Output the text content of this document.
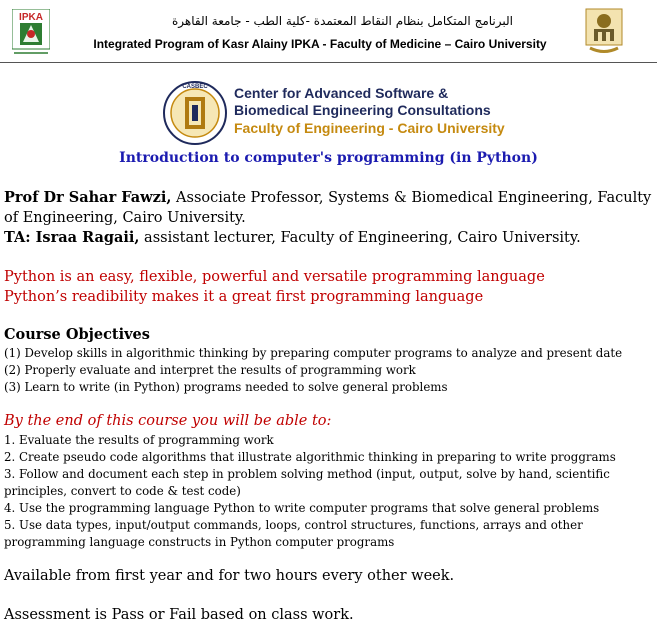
IPKA	البرنامج المتكامل بنظام النقاط المعتمدة -كلية الطب - جامعة القاهرة
Integrated Program of Kasr Alainy IPKA - Faculty of Medicine – Cairo University
CASBEC Center for Advanced Software &
Biomedical Engineering Consultations
Faculty of Engineering - Cairo University
Introduction to computer's programming (in Python)
Prof Dr Sahar Fawzi, Associate Professor, Systems & Biomedical Engineering, Faculty of Engineering, Cairo University.
TA: Israa Ragaii, assistant lecturer, Faculty of Engineering, Cairo University.
Python is an easy, flexible, powerful and versatile programming language
Python’s readibility makes it a great first programming language
Course Objectives
(1) Develop skills in algorithmic thinking by preparing computer programs to analyze and present date
(2) Properly evaluate and interpret the results of programming work
(3) Learn to write (in Python) programs needed to solve general problems
By the end of this course you will be able to:
1. Evaluate the results of programming work
2. Create pseudo code algorithms that illustrate algorithmic thinking in preparing to write proggrams
3. Follow and document each step in problem solving method (input, output, solve by hand, scientific
principles, convert to code & test code)
4. Use the programming language Python to write computer programs that solve general problems
5. Use data types, input/output commands, loops, control structures, functions, arrays and other
programming language constructs in Python computer programs
Available from first year and for two hours every other week.
Assessment is Pass or Fail based on class work.
